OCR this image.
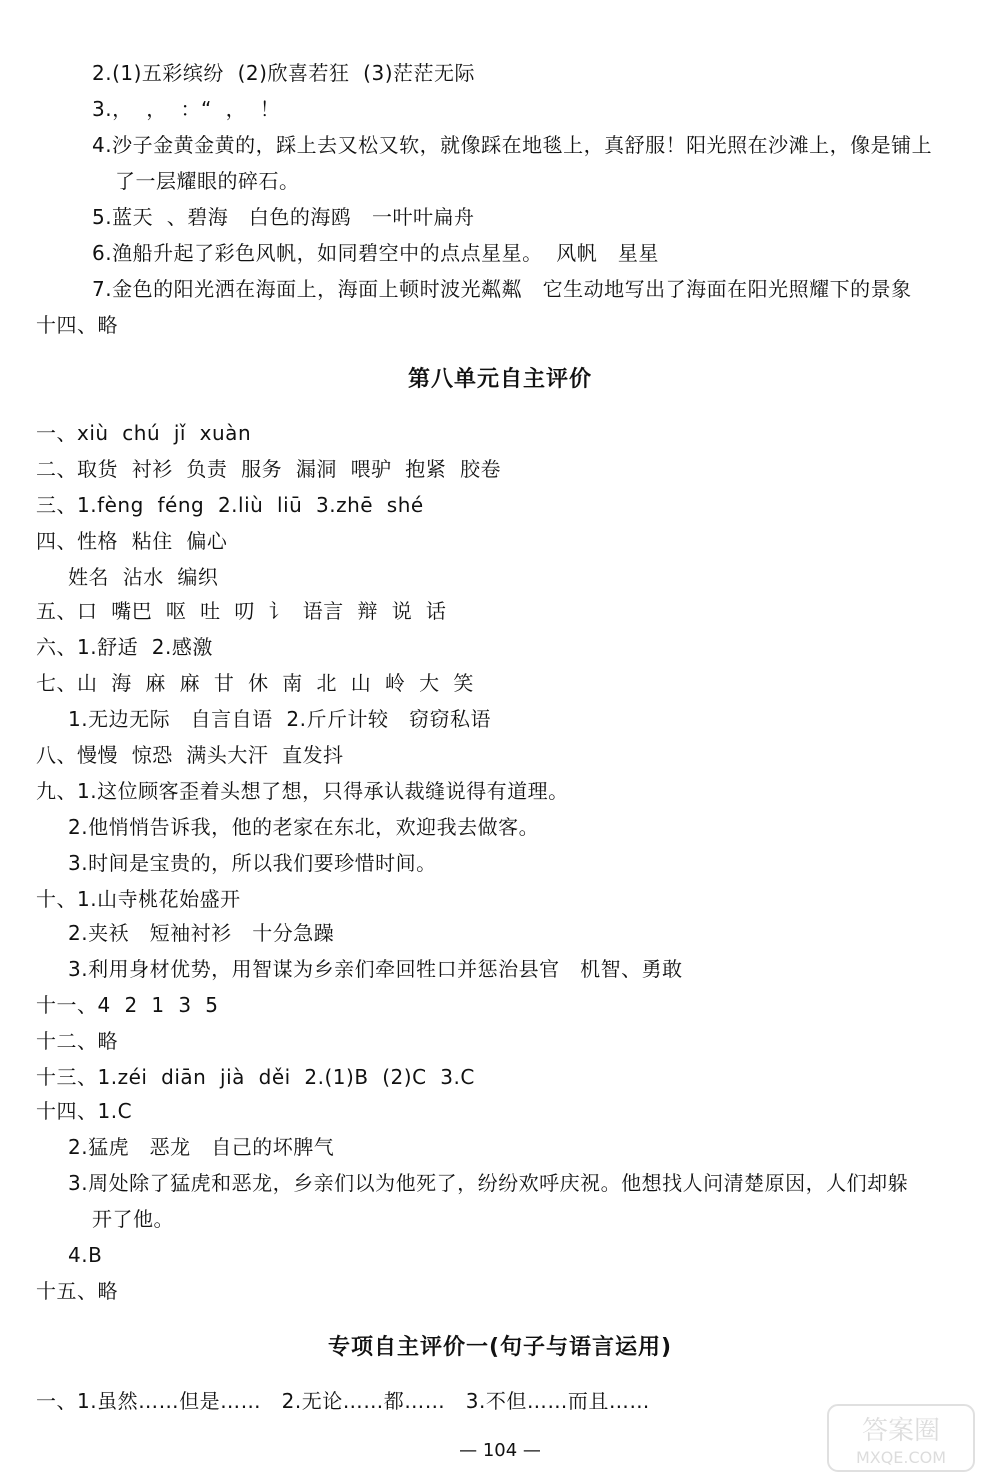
2.(1)五彩缤纷  (2)欣喜若狂  (3)茫茫无际
3.，  ，  ：“  ，  ！
4.沙子金黄金黄的，踩上去又松又软，就像踩在地毯上，真舒服！阳光照在沙滩上，像是铺上
了一层耀眼的碎石。
5.蓝天  、碧海   白色的海鸥   一叶叶扁舟
6.渔船升起了彩色风帆，如同碧空中的点点星星。  风帆   星星
7.金色的阳光洒在海面上，海面上顿时波光粼粼   它生动地写出了海面在阳光照耀下的景象
十四、略
第八单元自主评价
一、xiù  chú  jǐ  xuàn
二、取货  衬衫  负责  服务  漏洞  喂驴  抱紧  胶卷
三、1.fèng  féng  2.liù  liū  3.zhē  shé
四、性格  粘住  偏心
姓名  沾水  编织
五、口  嘴巴  呕  吐  叨  讠  语言  辩  说  话
六、1.舒适  2.感激
七、山  海  麻  麻  甘  休  南  北  山  岭  大  笑
1.无边无际   自言自语  2.斤斤计较   窃窃私语
八、慢慢  惊恐  满头大汗  直发抖
九、1.这位顾客歪着头想了想，只得承认裁缝说得有道理。
2.他悄悄告诉我，他的老家在东北，欢迎我去做客。
3.时间是宝贵的，所以我们要珍惜时间。
十、1.山寺桃花始盛开
2.夹袄   短袖衬衫   十分急躁
3.利用身材优势，用智谋为乡亲们牵回牲口并惩治县官   机智、勇敢
十一、4  2  1  3  5
十二、略
十三、1.zéi  diān  jià  děi  2.(1)B  (2)C  3.C
十四、1.C
2.猛虎   恶龙   自己的坏脾气
3.周处除了猛虎和恶龙，乡亲们以为他死了，纷纷欢呼庆祝。他想找人问清楚原因，人们却躲
开了他。
4.B
十五、略
专项自主评价一(句子与语言运用)
一、1.虽然……但是……   2.无论……都……   3.不但……而且……
— 104 —
答案圈
MXQE.COM
